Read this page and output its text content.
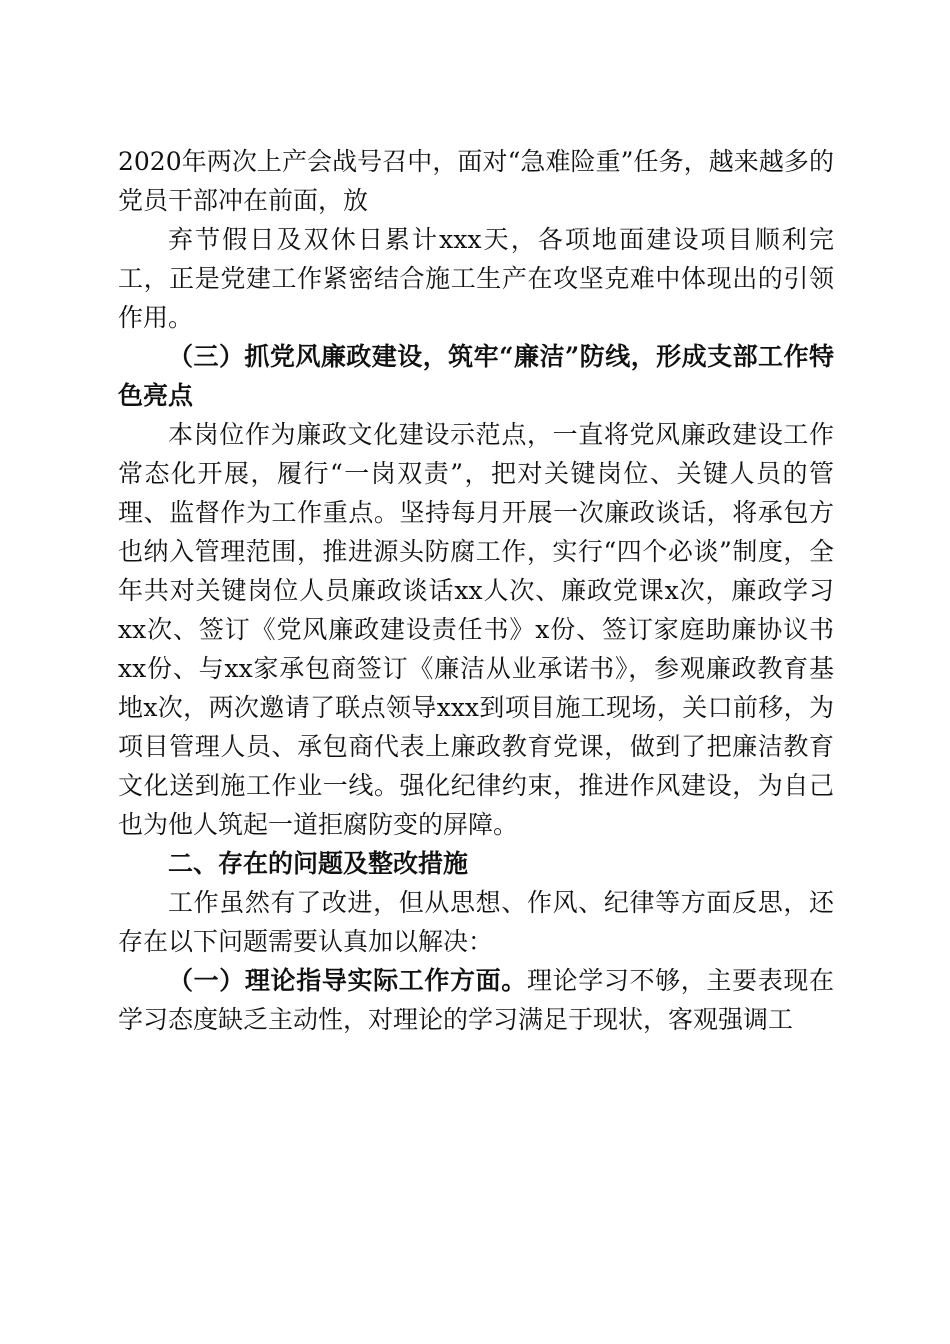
2020年两次上产会战号召中，面对“急难险重”任务，越来越多的党员干部冲在前面，放

弃节假日及双休日累计xxx天，各项地面建设项目顺利完工，正是党建工作紧密结合施工生产在攻坚克难中体现出的引领作用。

（三）抓党风廉政建设，筑牢“廉洁”防线，形成支部工作特色亮点

本岗位作为廉政文化建设示范点，一直将党风廉政建设工作常态化开展，履行“一岗双责”，把对关键岗位、关键人员的管理、监督作为工作重点。坚持每月开展一次廉政谈话，将承包方也纳入管理范围，推进源头防腐工作，实行“四个必谈”制度，全年共对关键岗位人员廉政谈话xx人次、廉政党课x次，廉政学习xx次、签订《党风廉政建设责任书》x份、签订家庭助廉协议书xx份、与xx家承包商签订《廉洁从业承诺书》，参观廉政教育基地x次，两次邀请了联点领导xxx到项目施工现场，关口前移，为项目管理人员、承包商代表上廉政教育党课，做到了把廉洁教育文化送到施工作业一线。强化纪律约束，推进作风建设，为自己也为他人筑起一道拒腐防变的屏障。

二、存在的问题及整改措施

工作虽然有了改进，但从思想、作风、纪律等方面反思，还存在以下问题需要认真加以解决：

（一）理论指导实际工作方面。理论学习不够，主要表现在学习态度缺乏主动性，对理论的学习满足于现状，客观强调工
